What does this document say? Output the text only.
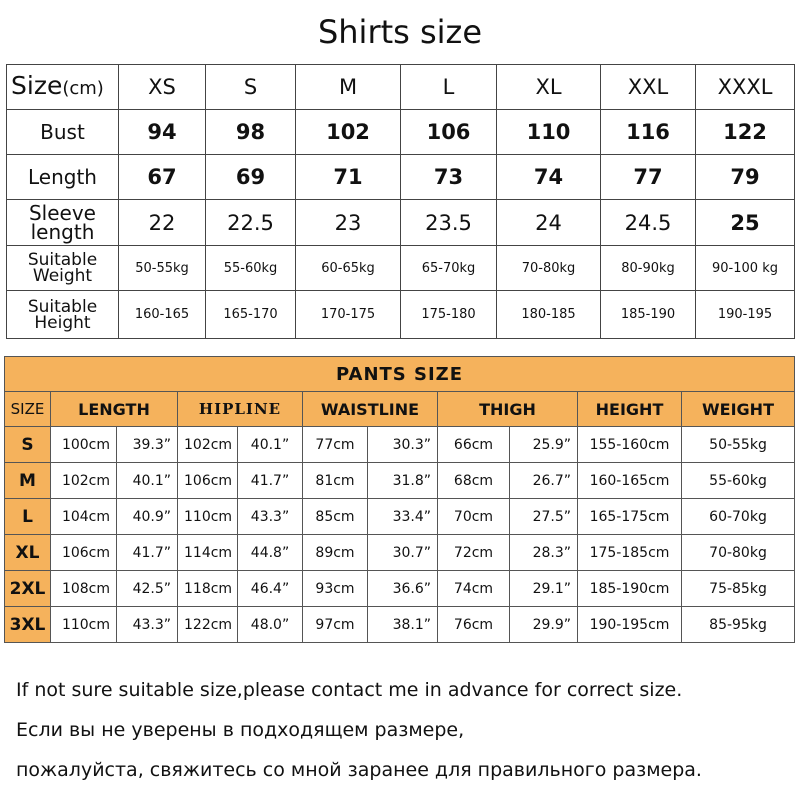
Shirts size
Size(cm)	XS	S	M	L	XL	XXL	XXXL
Bust	94	98	102	106	110	116	122
Length	67	69	71	73	74	77	79
Sleeve
length	22	22.5	23	23.5	24	24.5	25
Suitable
Weight	50-55kg	55-60kg	60-65kg	65-70kg	70-80kg	80-90kg	90-100 kg
Suitable
Height	160-165	165-170	170-175	175-180	180-185	185-190	190-195
PANTS SIZE										
SIZE	LENGTH		HIPLINE		WAISTLINE		THIGH		HEIGHT	WEIGHT
S	100cm	39.3”	102cm	40.1”	77cm	30.3”	66cm	25.9”	155-160cm	50-55kg
M	102cm	40.1”	106cm	41.7”	81cm	31.8”	68cm	26.7”	160-165cm	55-60kg
L	104cm	40.9”	110cm	43.3”	85cm	33.4”	70cm	27.5”	165-175cm	60-70kg
XL	106cm	41.7”	114cm	44.8”	89cm	30.7”	72cm	28.3”	175-185cm	70-80kg
2XL	108cm	42.5”	118cm	46.4”	93cm	36.6”	74cm	29.1”	185-190cm	75-85kg
3XL	110cm	43.3”	122cm	48.0”	97cm	38.1”	76cm	29.9”	190-195cm	85-95kg
If not sure suitable size,please contact me in advance for correct size.
Если вы не уверены в подходящем размере,
пожалуйста, свяжитесь со мной заранее для правильного размера.
